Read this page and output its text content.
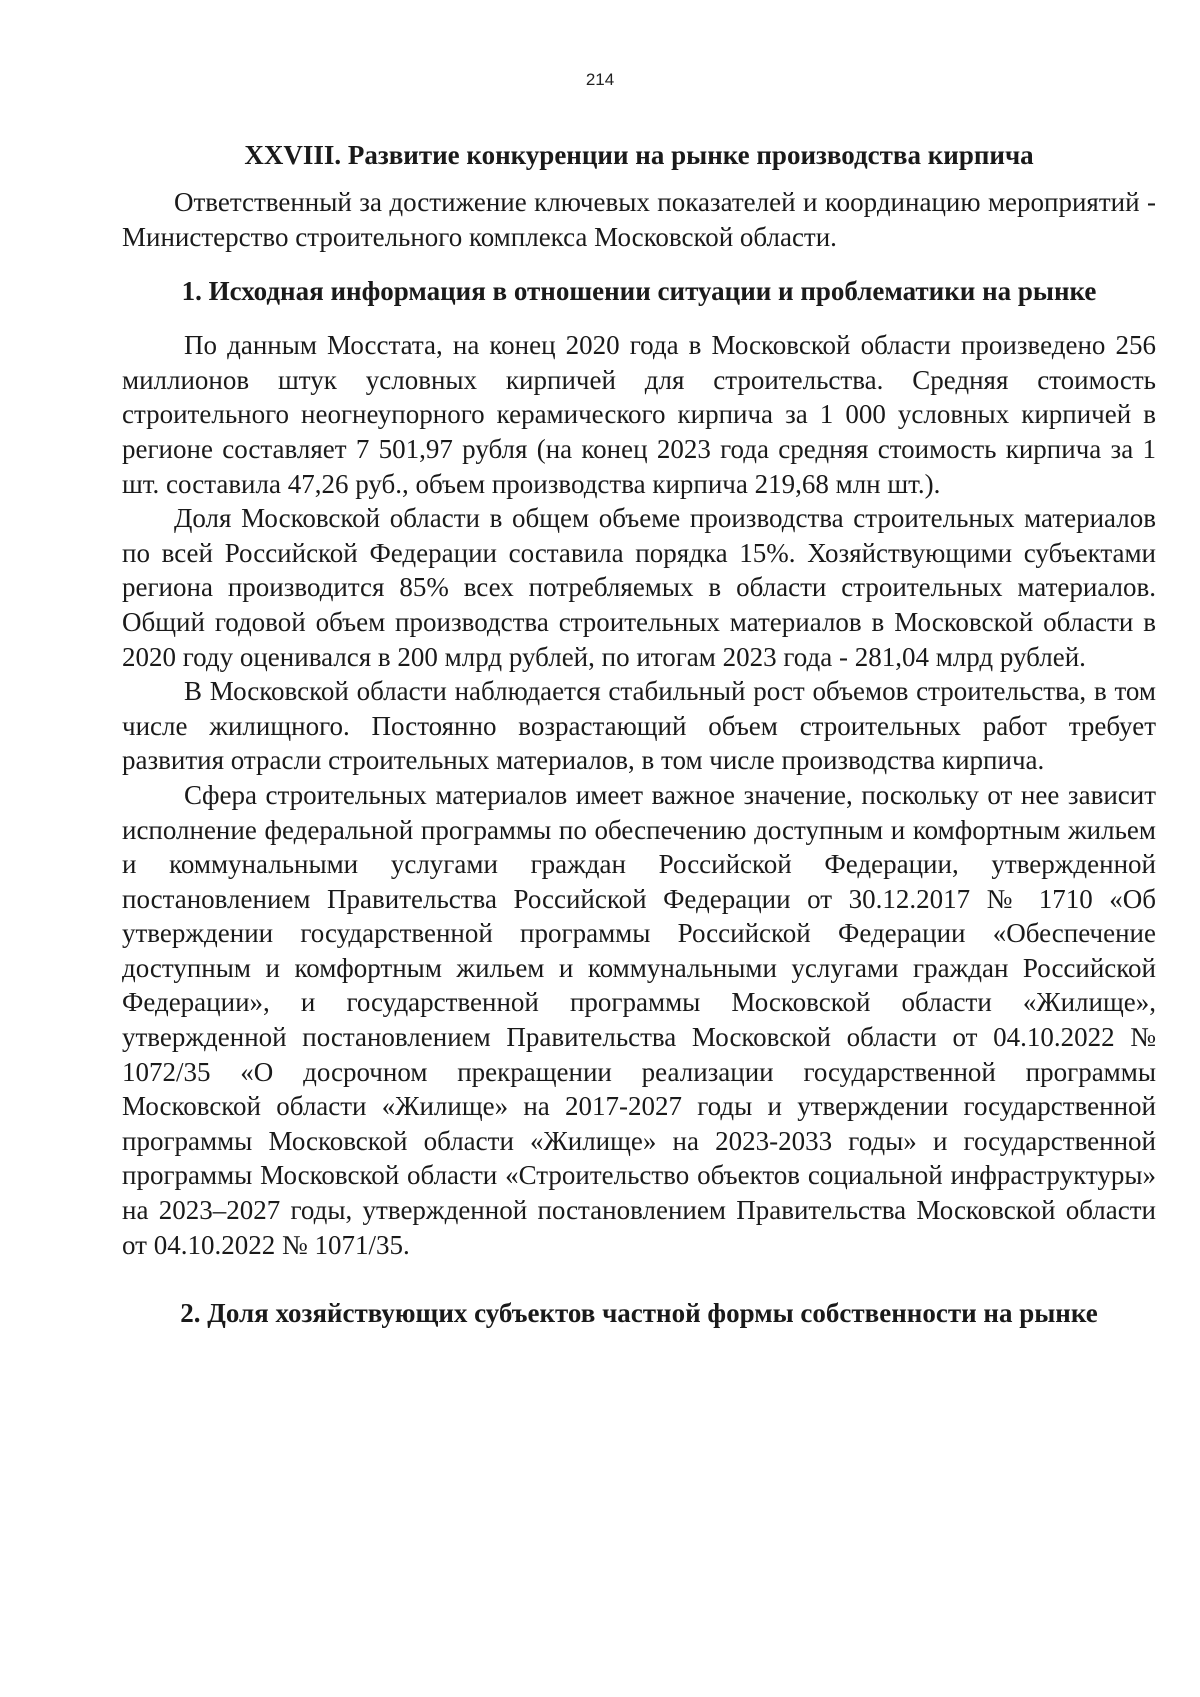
214
XXVIII. Развитие конкуренции на рынке производства кирпича

Ответственный за достижение ключевых показателей и координацию мероприятий - Министерство строительного комплекса Московской области.

1. Исходная информация в отношении ситуации и проблематики на рынке

По данным Мосстата, на конец 2020 года в Московской области произведено 256 миллионов штук условных кирпичей для строительства. Средняя стоимость строительного неогнеупорного керамического кирпича за 1 000 условных кирпичей в регионе составляет 7 501,97 рубля (на конец 2023 года средняя стоимость кирпича за 1 шт. составила 47,26 руб., объем производства кирпича 219,68 млн шт.).

Доля Московской области в общем объеме производства строительных материалов по всей Российской Федерации составила порядка 15%. Хозяйствующими субъектами региона производится 85% всех потребляемых в области строительных материалов. Общий годовой объем производства строительных материалов в Московской области в 2020 году оценивался в 200 млрд рублей, по итогам 2023 года - 281,04 млрд рублей.

В Московской области наблюдается стабильный рост объемов строительства, в том числе жилищного. Постоянно возрастающий объем строительных работ требует развития отрасли строительных материалов, в том числе производства кирпича.

Сфера строительных материалов имеет важное значение, поскольку от нее зависит исполнение федеральной программы по обеспечению доступным и комфортным жильем и коммунальными услугами граждан Российской Федерации, утвержденной постановлением Правительства Российской Федерации от 30.12.2017 № 1710 «Об утверждении государственной программы Российской Федерации «Обеспечение доступным и комфортным жильем и коммунальными услугами граждан Российской Федерации», и государственной программы Московской области «Жилище», утвержденной постановлением Правительства Московской области от 04.10.2022 № 1072/35 «О досрочном прекращении реализации государственной программы Московской области «Жилище» на 2017-2027 годы и утверждении государственной программы Московской области «Жилище» на 2023-2033 годы» и государственной программы Московской области «Строительство объектов социальной инфраструктуры» на 2023–2027 годы, утвержденной постановлением Правительства Московской области от 04.10.2022 № 1071/35.

2. Доля хозяйствующих субъектов частной формы собственности на рынке
